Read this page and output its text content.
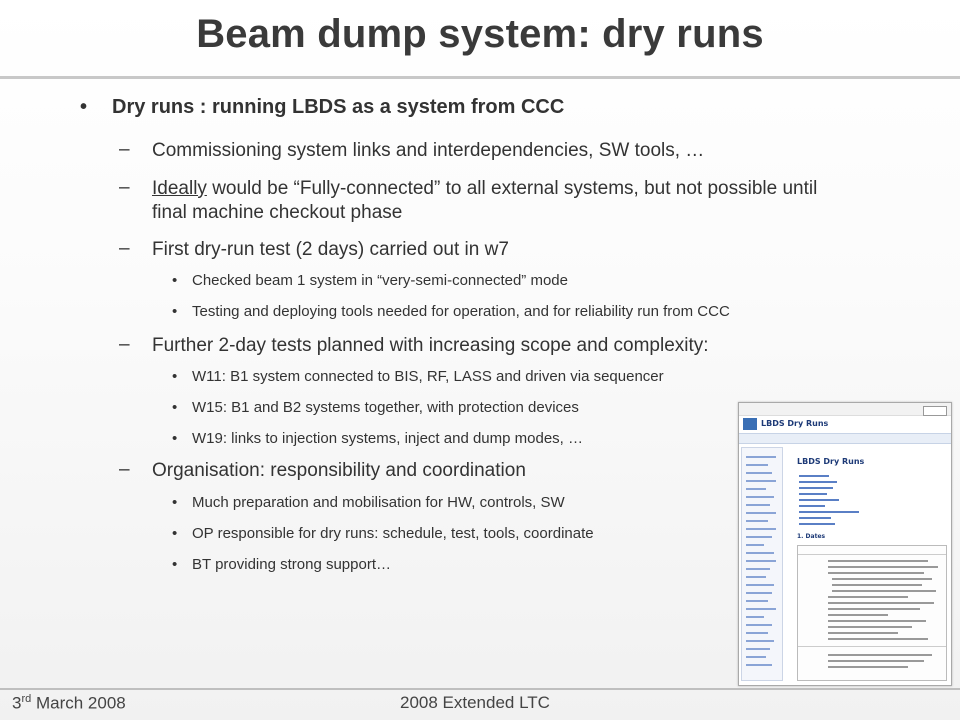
Beam dump system: dry runs
• Dry runs : running LBDS as a system from CCC
– Commissioning system links and interdependencies, SW tools, …
– Ideally would be “Fully-connected” to all external systems, but not possible until final machine checkout phase
– First dry-run test (2 days) carried out in w7
• Checked beam 1 system in “very-semi-connected” mode
• Testing and deploying tools needed for operation, and for reliability run from CCC
– Further 2-day tests planned with increasing scope and complexity:
• W11: B1 system connected to BIS, RF, LASS and driven via sequencer
• W15: B1 and B2 systems together, with protection devices
• W19: links to injection systems, inject and dump modes, …
– Organisation: responsibility and coordination
• Much preparation and mobilisation for HW, controls, SW
• OP responsible for dry runs: schedule, test, tools, coordinate
• BT providing strong support…
LBDS Dry Runs
LBDS Dry Runs
1. Dates
3rd March 2008	2008 Extended LTC
